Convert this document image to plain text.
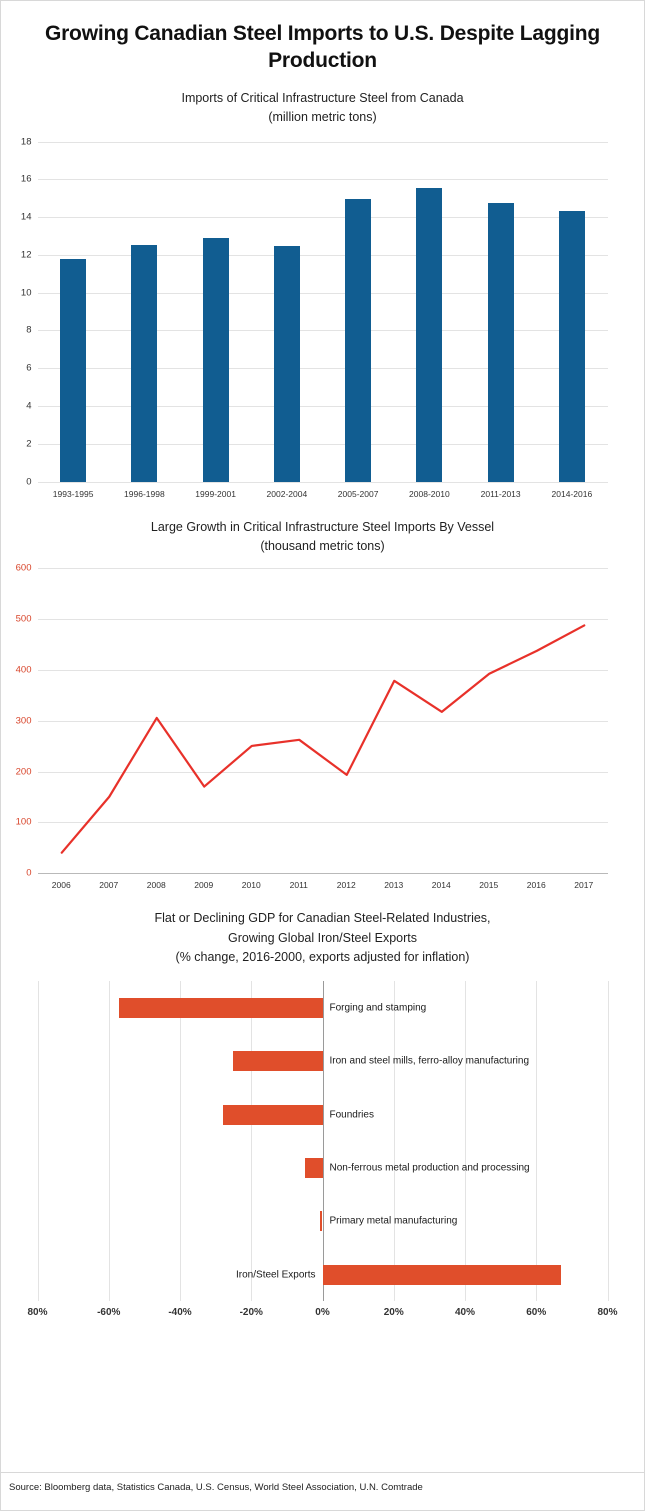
Growing Canadian Steel Imports to U.S. Despite Lagging Production
Imports of Critical Infrastructure Steel from Canada
(million metric tons)
0
2
4
6
8
10
12
14
16
18
1993-1995	1996-1998	1999-2001	2002-2004	2005-2007	2008-2010	2011-2013	2014-2016
Large Growth in Critical Infrastructure Steel Imports By Vessel
(thousand metric tons)
0
100
200
300
400
500
600
2006	2007	2008	2009	2010	2011	2012	2013	2014	2015	2016	2017
Flat or Declining GDP for Canadian Steel-Related Industries,
Growing Global Iron/Steel Exports
(% change, 2016-2000, exports adjusted for inflation)
80%	-60%	-40%	-20%	0%	20%	40%	60%	80%
Forging and stamping
Iron and steel mills, ferro-alloy manufacturing
Foundries
Non-ferrous metal production and processing
Primary metal manufacturing
Iron/Steel Exports
Source: Bloomberg data, Statistics Canada, U.S. Census, World Steel Association, U.N. Comtrade
